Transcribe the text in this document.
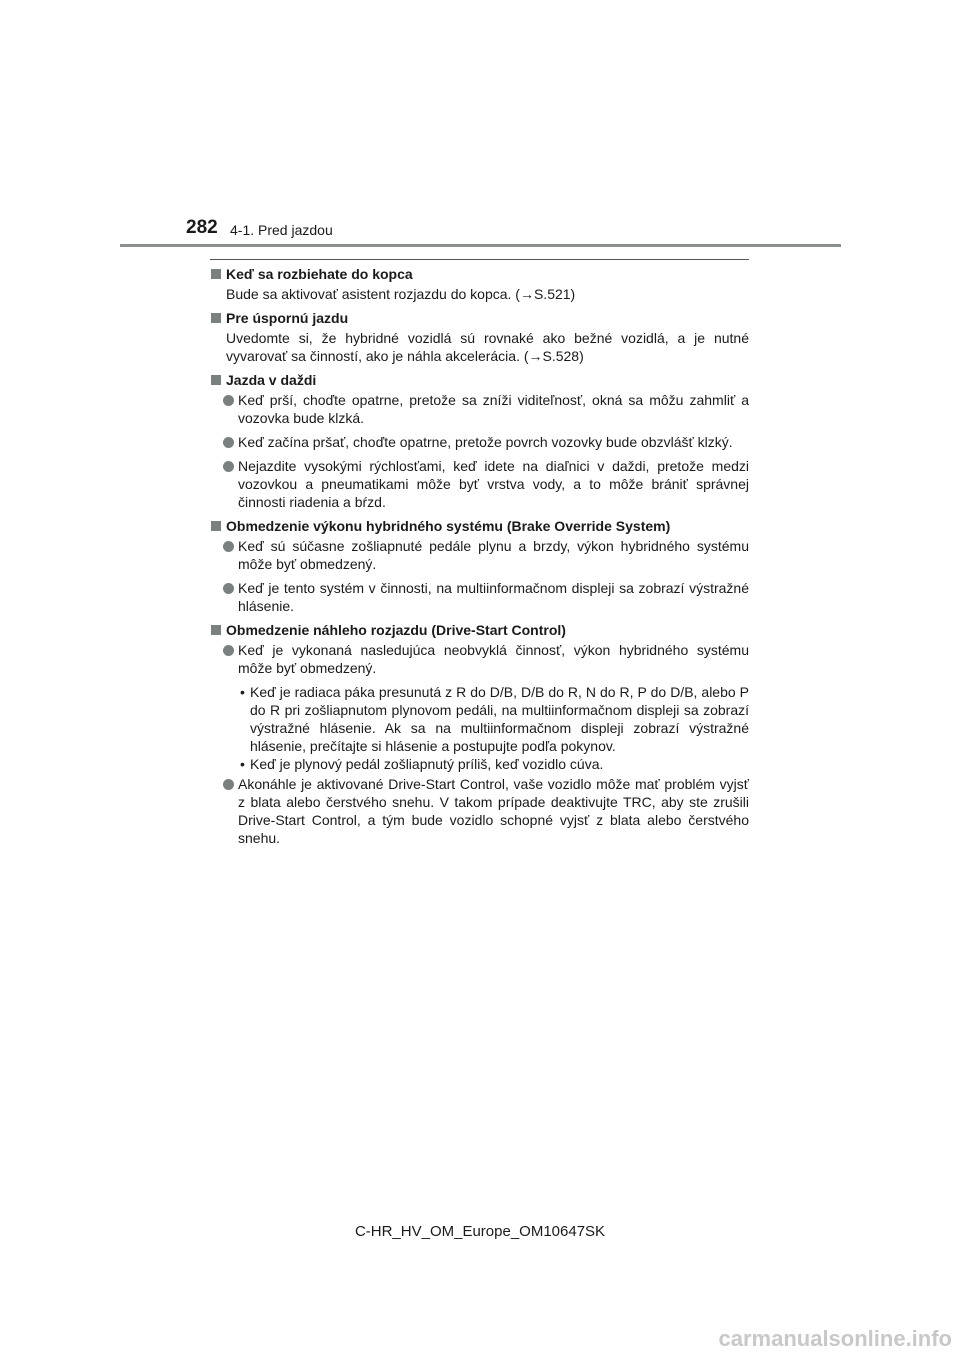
282 4-1. Pred jazdou
Keď sa rozbiehate do kopca
Bude sa aktivovať asistent rozjazdu do kopca. (→S.521)
Pre úspornú jazdu
Uvedomte si, že hybridné vozidlá sú rovnaké ako bežné vozidlá, a je nutné vyvarovať sa činností, ako je náhla akcelerácia. (→S.528)
Jazda v daždi
Keď prší, choďte opatrne, pretože sa zníži viditeľnosť, okná sa môžu zahmliť a vozovka bude klzká.
Keď začína pršať, choďte opatrne, pretože povrch vozovky bude obzvlášť klzký.
Nejazdite vysokými rýchlosťami, keď idete na diaľnici v daždi, pretože medzi vozovkou a pneumatikami môže byť vrstva vody, a to môže brániť správnej činnosti riadenia a bŕzd.
Obmedzenie výkonu hybridného systému (Brake Override System)
Keď sú súčasne zošliapnuté pedále plynu a brzdy, výkon hybridného systému môže byť obmedzený.
Keď je tento systém v činnosti, na multiinformačnom displeji sa zobrazí výstražné hlásenie.
Obmedzenie náhleho rozjazdu (Drive-Start Control)
Keď je vykonaná nasledujúca neobvyklá činnosť, výkon hybridného systému môže byť obmedzený.
• Keď je radiaca páka presunutá z R do D/B, D/B do R, N do R, P do D/B, alebo P do R pri zošliapnutom plynovom pedáli, na multiinformačnom displeji sa zobrazí výstražné hlásenie. Ak sa na multiinformačnom displeji zobrazí výstražné hlásenie, prečítajte si hlásenie a postupujte podľa pokynov.
• Keď je plynový pedál zošliapnutý príliš, keď vozidlo cúva.
Akonáhle je aktivované Drive-Start Control, vaše vozidlo môže mať problém vyjsť z blata alebo čerstvého snehu. V takom prípade deaktivujte TRC, aby ste zrušili Drive-Start Control, a tým bude vozidlo schopné vyjsť z blata alebo čerstvého snehu.
C-HR_HV_OM_Europe_OM10647SK
carmanualsonline.info
